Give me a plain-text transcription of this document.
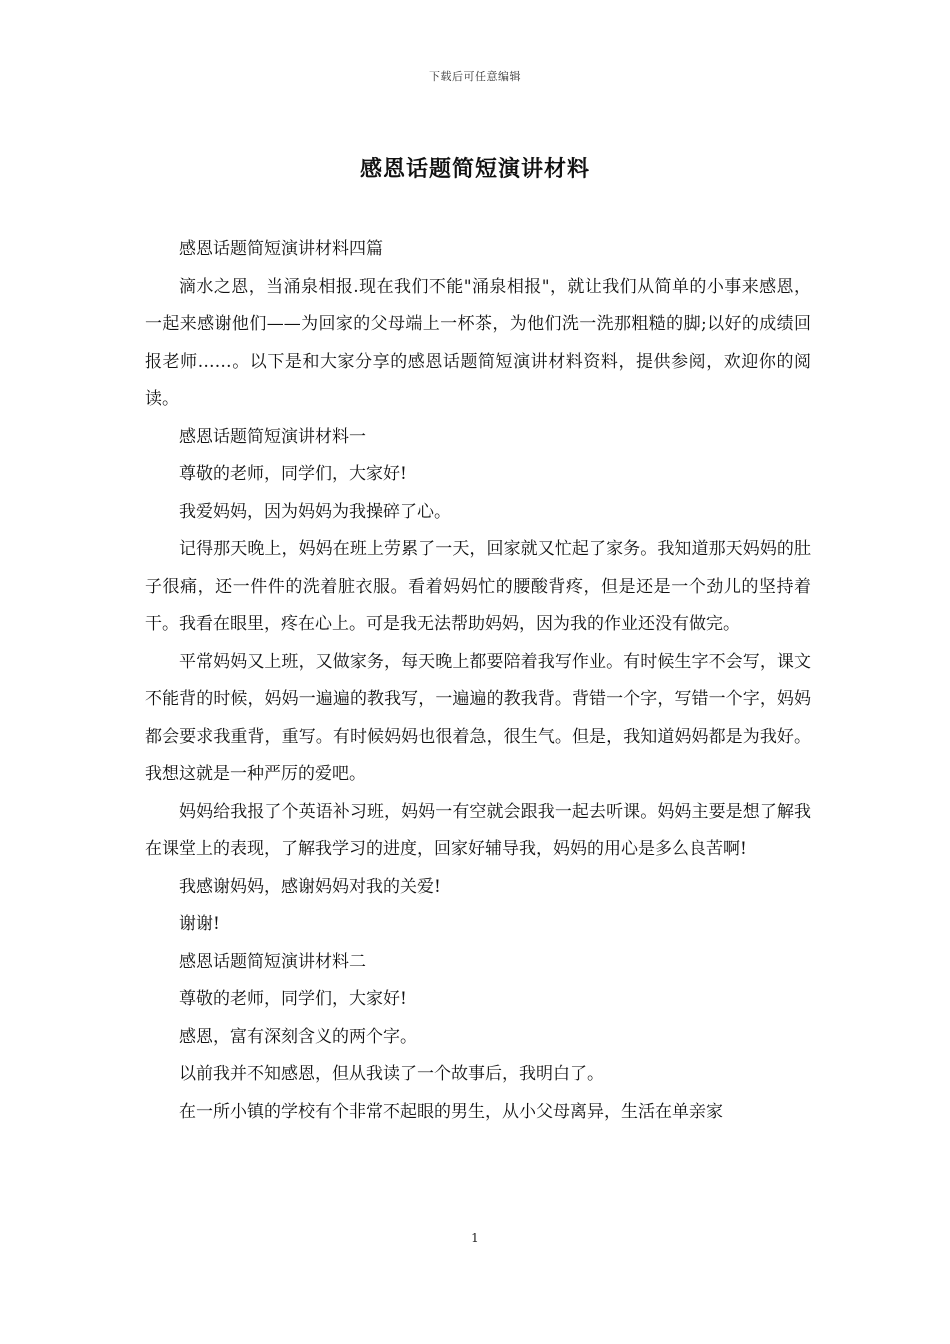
下载后可任意编辑
感恩话题简短演讲材料

感恩话题简短演讲材料四篇

滴水之恩，当涌泉相报.现在我们不能"涌泉相报"，就让我们从简单的小事来感恩，一起来感谢他们——为回家的父母端上一杯茶，为他们洗一洗那粗糙的脚;以好的成绩回报老师……。以下是和大家分享的感恩话题简短演讲材料资料，提供参阅，欢迎你的阅读。

感恩话题简短演讲材料一

尊敬的老师，同学们，大家好!

我爱妈妈，因为妈妈为我操碎了心。

记得那天晚上，妈妈在班上劳累了一天，回家就又忙起了家务。我知道那天妈妈的肚子很痛，还一件件的洗着脏衣服。看着妈妈忙的腰酸背疼，但是还是一个劲儿的坚持着干。我看在眼里，疼在心上。可是我无法帮助妈妈，因为我的作业还没有做完。

平常妈妈又上班，又做家务，每天晚上都要陪着我写作业。有时候生字不会写，课文不能背的时候，妈妈一遍遍的教我写，一遍遍的教我背。背错一个字，写错一个字，妈妈都会要求我重背，重写。有时候妈妈也很着急，很生气。但是，我知道妈妈都是为我好。我想这就是一种严厉的爱吧。

妈妈给我报了个英语补习班，妈妈一有空就会跟我一起去听课。妈妈主要是想了解我在课堂上的表现，了解我学习的进度，回家好辅导我，妈妈的用心是多么良苦啊!

我感谢妈妈，感谢妈妈对我的关爱!

谢谢!

感恩话题简短演讲材料二

尊敬的老师，同学们，大家好!

感恩，富有深刻含义的两个字。

以前我并不知感恩，但从我读了一个故事后，我明白了。

在一所小镇的学校有个非常不起眼的男生，从小父母离异，生活在单亲家

1
